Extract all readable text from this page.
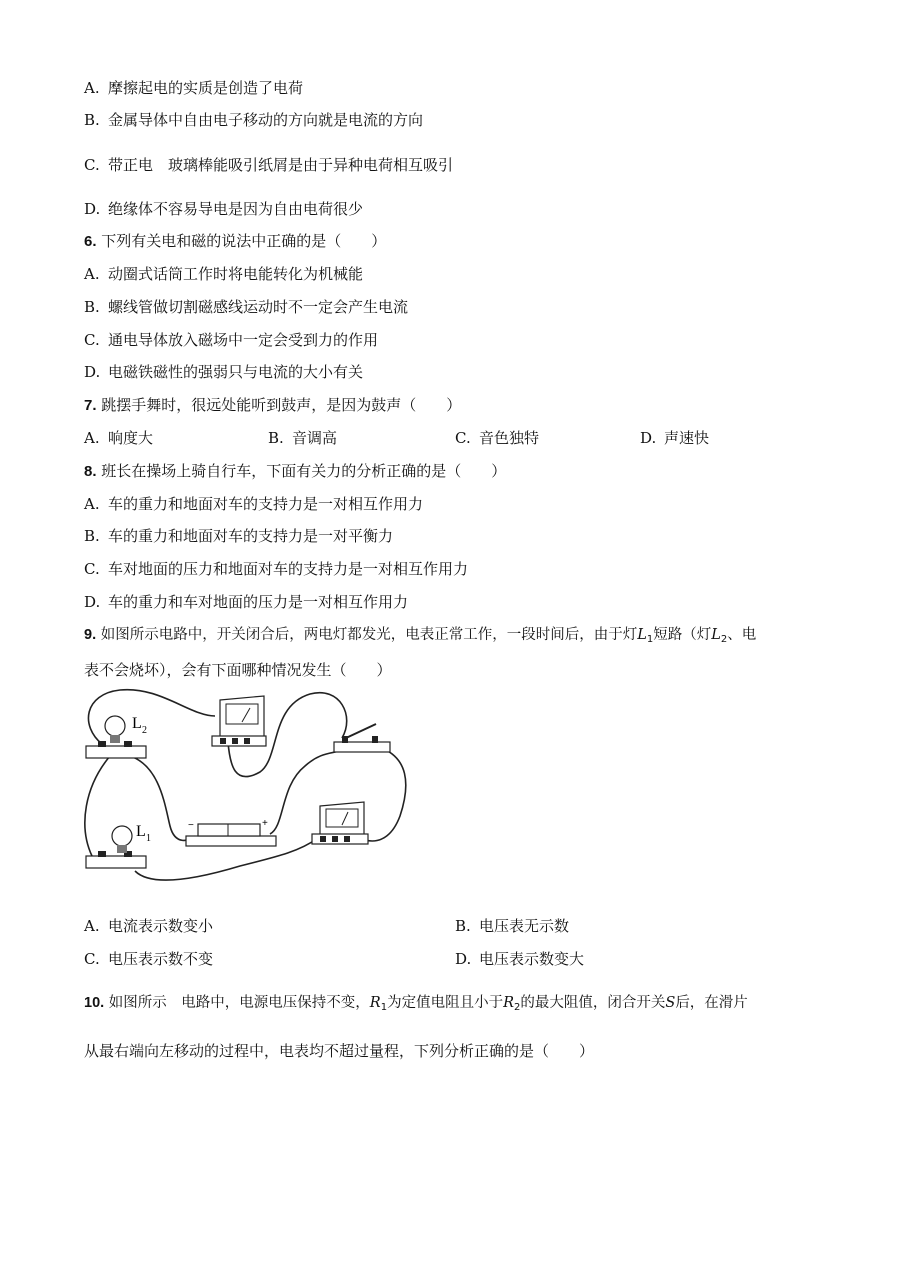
A. 摩擦起电的实质是创造了电荷
B. 金属导体中自由电子移动的方向就是电流的方向
C. 带正电　玻璃棒能吸引纸屑是由于异种电荷相互吸引
D. 绝缘体不容易导电是因为自由电荷很少
6. 下列有关电和磁的说法中正确的是（　　）
A. 动圈式话筒工作时将电能转化为机械能
B. 螺线管做切割磁感线运动时不一定会产生电流
C. 通电导体放入磁场中一定会受到力的作用
D. 电磁铁磁性的强弱只与电流的大小有关
7. 跳摆手舞时，很远处能听到鼓声，是因为鼓声（　　）
A. 响度大	B. 音调高	C. 音色独特	D. 声速快
8. 班长在操场上骑自行车，下面有关力的分析正确的是（　　）
A. 车的重力和地面对车的支持力是一对相互作用力
B. 车的重力和地面对车的支持力是一对平衡力
C. 车对地面的压力和地面对车的支持力是一对相互作用力
D. 车的重力和车对地面的压力是一对相互作用力
9. 如图所示电路中，开关闭合后，两电灯都发光，电表正常工作，一段时间后，由于灯$L_1$短路（灯$L_2$、电
表不会烧坏），会有下面哪种情况发生（　　）
L 2
−	+
L 1
A. 电流表示数变小	B. 电压表无示数
C. 电压表示数不变	D. 电压表示数变大
10. 如图所示　电路中，电源电压保持不变，$R_1$为定值电阻且小于$R_2$的最大阻值，闭合开关S后，在滑片
从最右端向左移动的过程中，电表均不超过量程，下列分析正确的是（　　）
